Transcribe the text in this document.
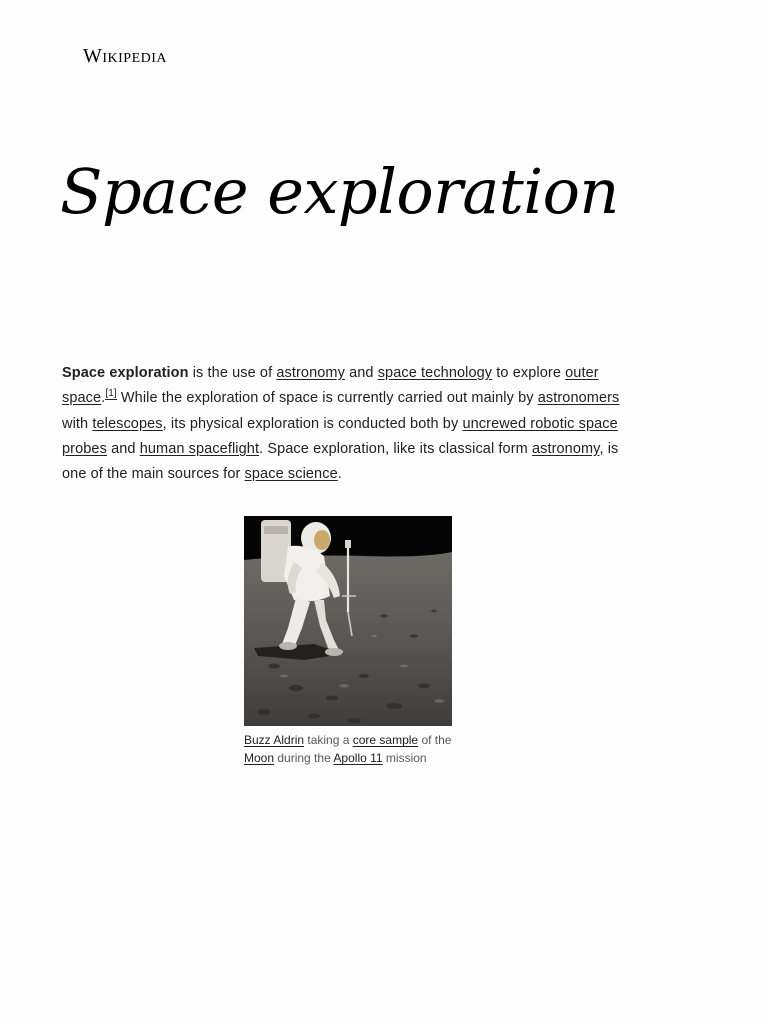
Wikipedia
Space exploration

Space exploration is the use of astronomy and space technology to explore outer space.[1] While the exploration of space is currently carried out mainly by astronomers with telescopes, its physical exploration is conducted both by uncrewed robotic space probes and human spaceflight. Space exploration, like its classical form astronomy, is one of the main sources for space science.

Buzz Aldrin taking a core sample of the Moon during the Apollo 11 mission
